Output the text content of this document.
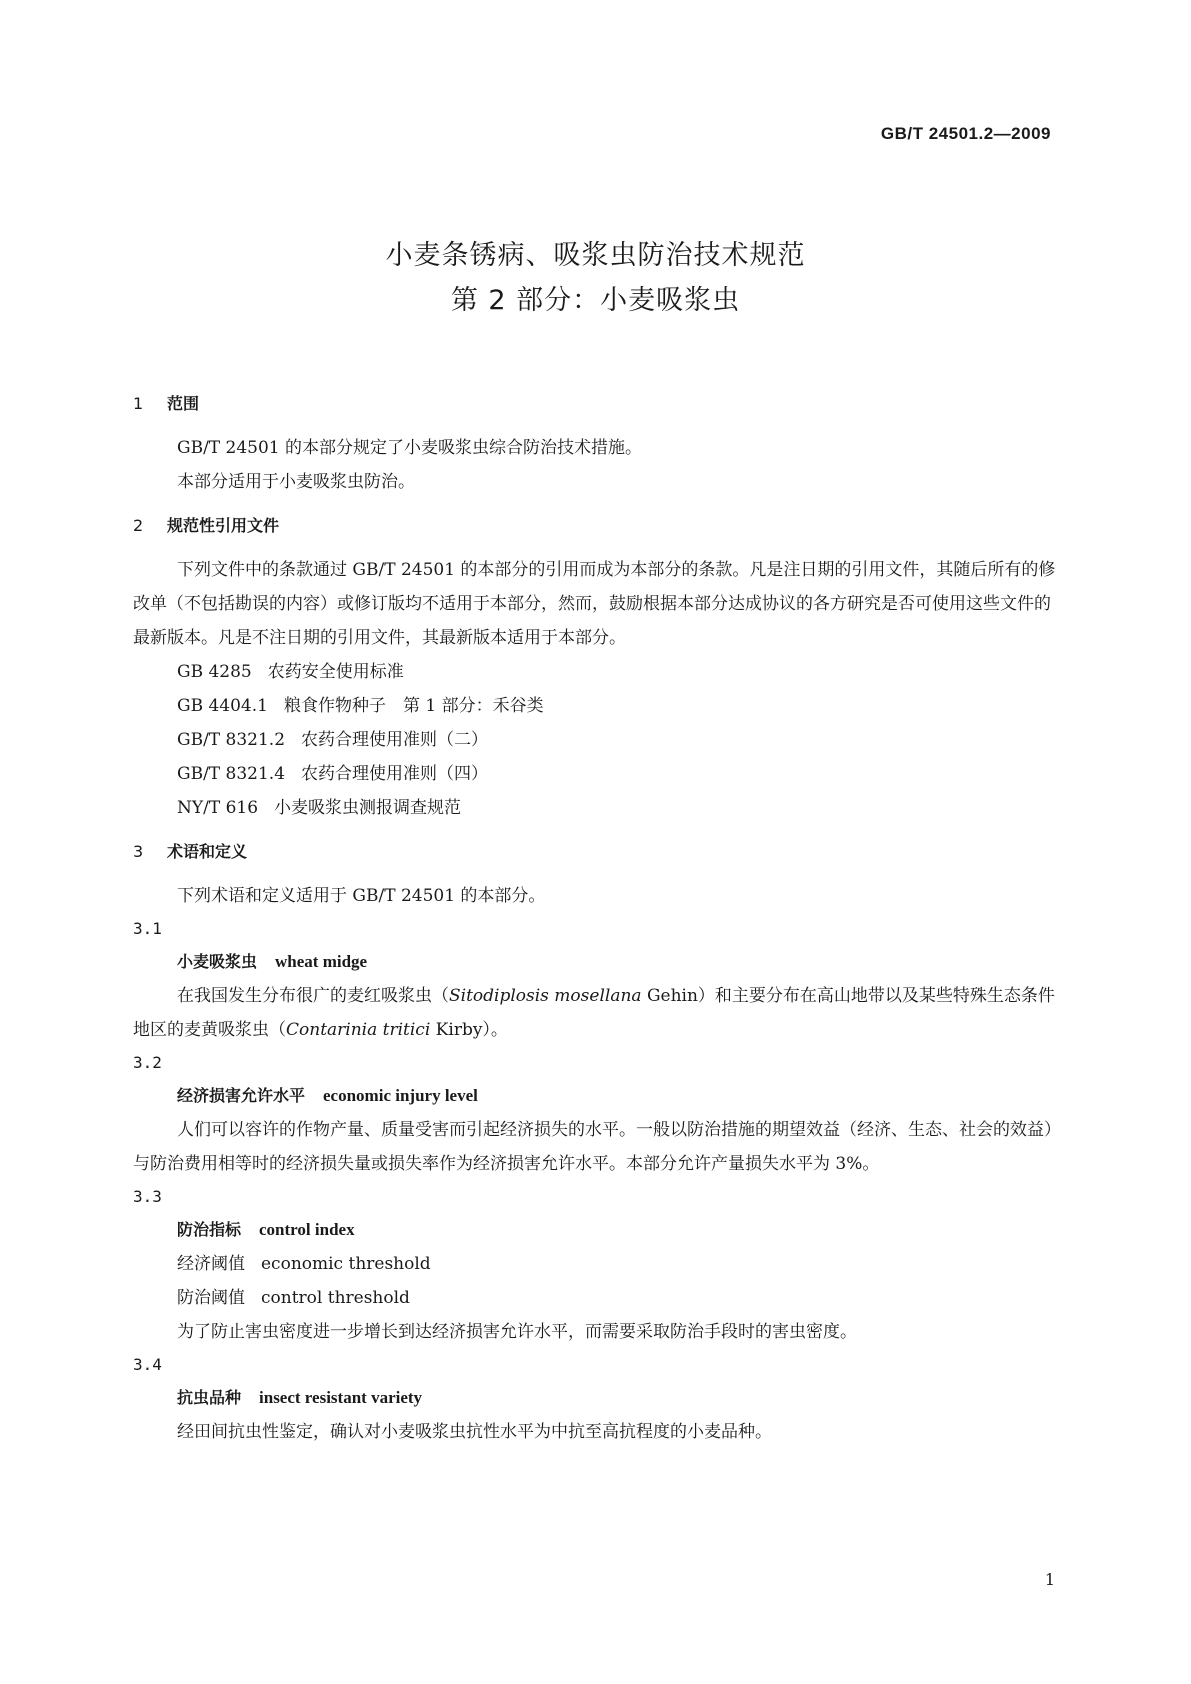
GB/T 24501.2—2009
小麦条锈病、吸浆虫防治技术规范
第 2 部分：小麦吸浆虫
1 范围
GB/T 24501 的本部分规定了小麦吸浆虫综合防治技术措施。
本部分适用于小麦吸浆虫防治。
2 规范性引用文件
下列文件中的条款通过 GB/T 24501 的本部分的引用而成为本部分的条款。凡是注日期的引用文件，其随后所有的修改单（不包括勘误的内容）或修订版均不适用于本部分，然而，鼓励根据本部分达成协议的各方研究是否可使用这些文件的最新版本。凡是不注日期的引用文件，其最新版本适用于本部分。
GB 4285 农药安全使用标准
GB 4404.1 粮食作物种子　第 1 部分：禾谷类
GB/T 8321.2 农药合理使用准则（二）
GB/T 8321.4 农药合理使用准则（四）
NY/T 616 小麦吸浆虫测报调查规范
3 术语和定义
下列术语和定义适用于 GB/T 24501 的本部分。
3.1
小麦吸浆虫 wheat midge
在我国发生分布很广的麦红吸浆虫（Sitodiplosis mosellana Gehin）和主要分布在高山地带以及某些特殊生态条件地区的麦黄吸浆虫（Contarinia tritici Kirby）。
3.2
经济损害允许水平 economic injury level
人们可以容许的作物产量、质量受害而引起经济损失的水平。一般以防治措施的期望效益（经济、生态、社会的效益）与防治费用相等时的经济损失量或损失率作为经济损害允许水平。本部分允许产量损失水平为 3%。
3.3
防治指标 control index
经济阈值 economic threshold
防治阈值 control threshold
为了防止害虫密度进一步增长到达经济损害允许水平，而需要采取防治手段时的害虫密度。
3.4
抗虫品种 insect resistant variety
经田间抗虫性鉴定，确认对小麦吸浆虫抗性水平为中抗至高抗程度的小麦品种。
1
